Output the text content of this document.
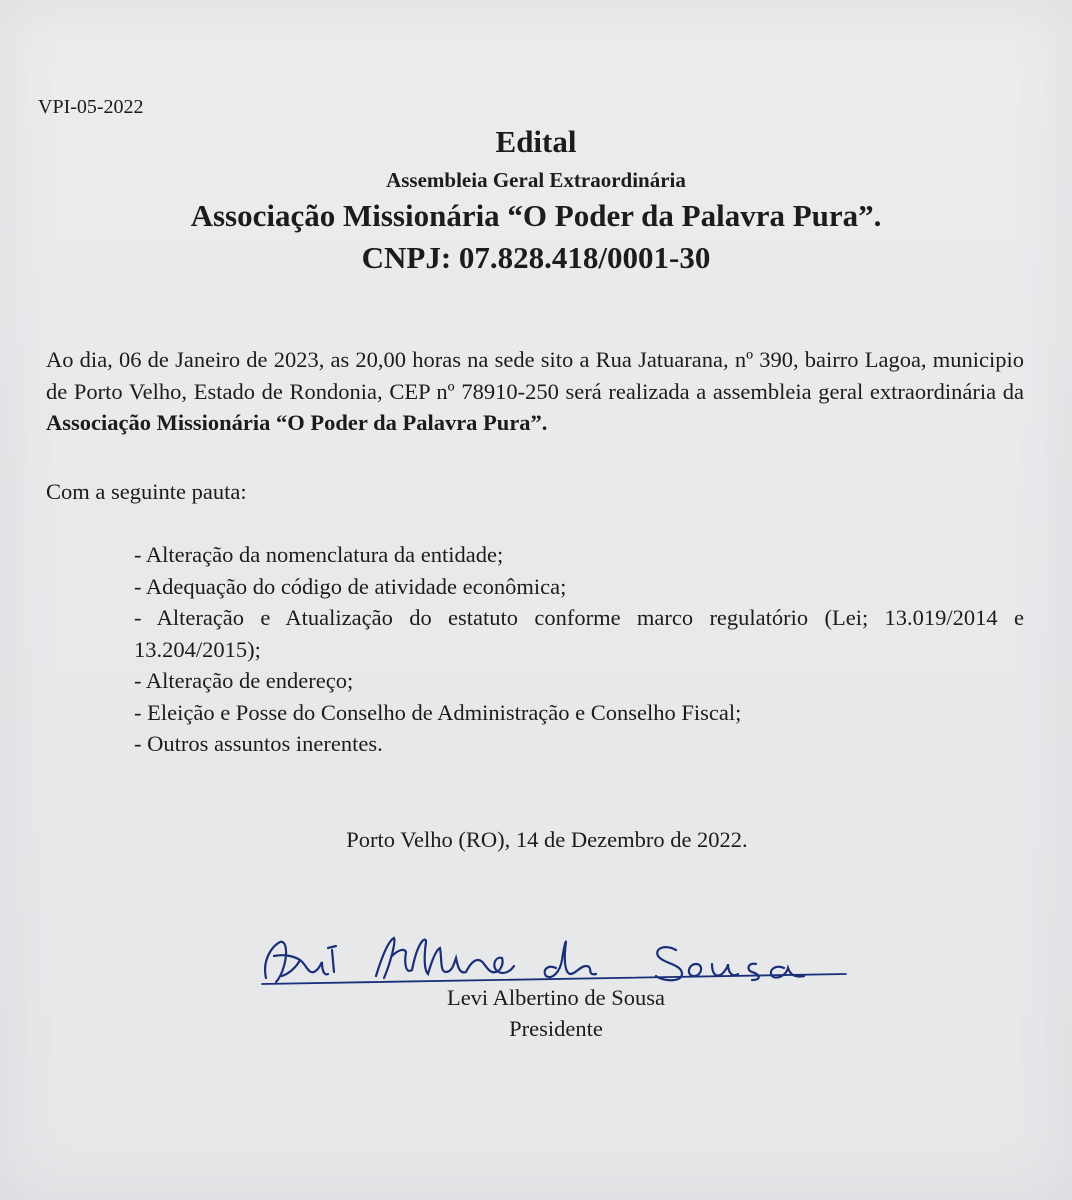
VPI-05-2022
Edital
Assembleia Geral Extraordinária
Associação Missionária “O Poder da Palavra Pura”.
CNPJ: 07.828.418/0001-30
Ao dia, 06 de Janeiro de 2023, as 20,00 horas na sede sito a Rua Jatuarana, nº 390, bairro Lagoa, municipio de Porto Velho, Estado de Rondonia, CEP nº 78910-250 será realizada a assembleia geral extraordinária da Associação Missionária “O Poder da Palavra Pura”.
Com a seguinte pauta:
- Alteração da nomenclatura da entidade;
- Adequação do código de atividade econômica;
- Alteração e Atualização do estatuto conforme marco regulatório (Lei; 13.019/2014 e 13.204/2015);
- Alteração de endereço;
- Eleição e Posse do Conselho de Administração e Conselho Fiscal;
- Outros assuntos inerentes.
Porto Velho (RO), 14 de Dezembro de 2022.
Levi Albertino de Sousa
Presidente
